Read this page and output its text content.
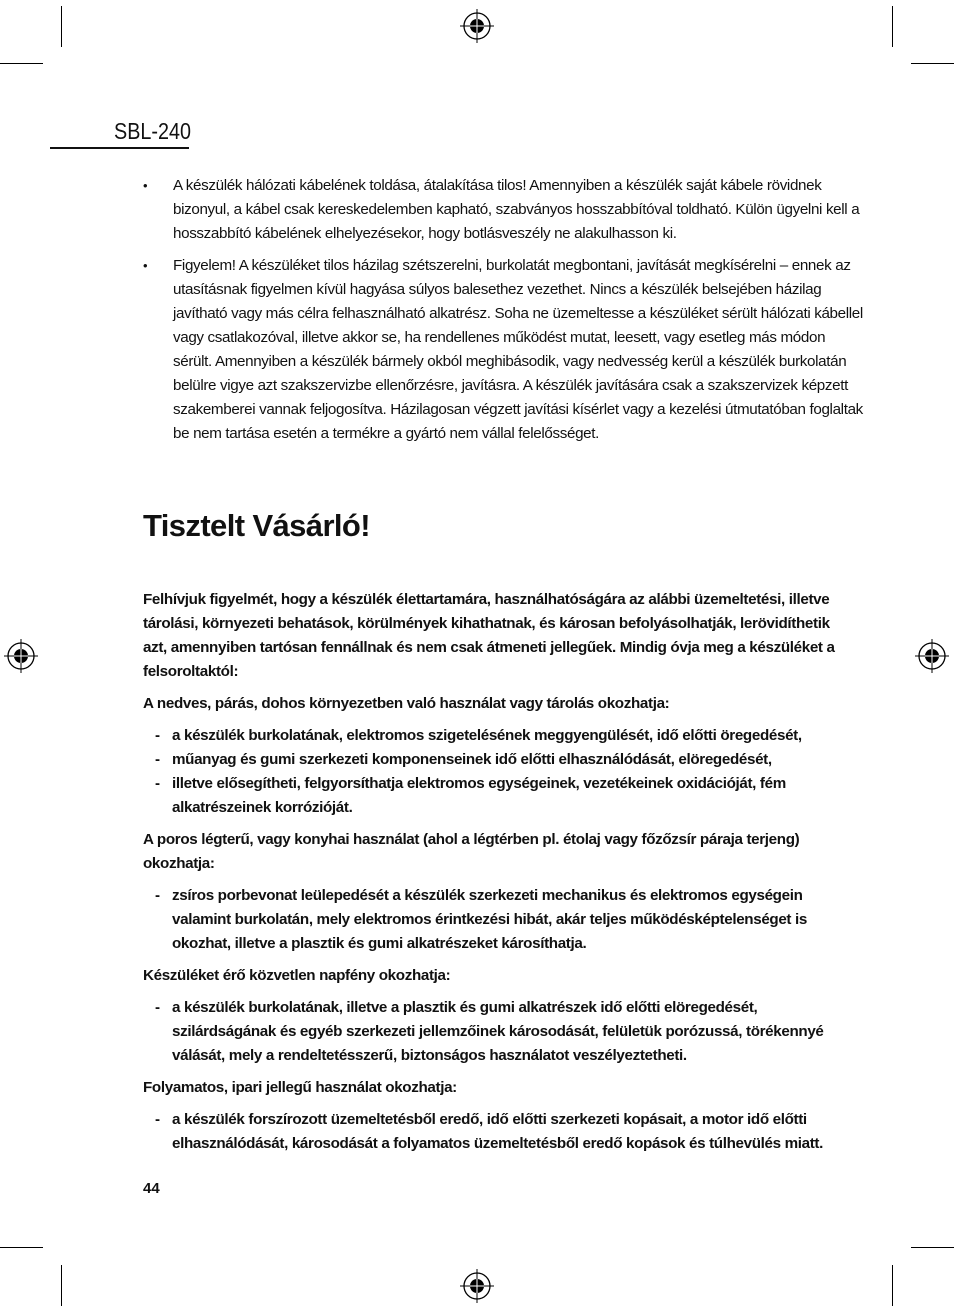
SBL-240
• A készülék hálózati kábelének toldása, átalakítása tilos! Amennyiben a készülék saját kábele rövidnek bizonyul, a kábel csak kereskedelemben kapható, szabványos hosszabbítóval toldható. Külön ügyelni kell a hosszabbító kábelének elhelyezésekor, hogy botlásveszély ne alakulhasson ki.
• Figyelem! A készüléket tilos házilag szétszerelni, burkolatát megbontani, javítását megkísérelni – ennek az utasításnak figyelmen kívül hagyása súlyos balesethez vezethet. Nincs a készülék belsejében házilag javítható vagy más célra felhasználható alkatrész. Soha ne üzemeltesse a készüléket sérült hálózati kábellel vagy csatlakozóval, illetve akkor se, ha rendellenes működést mutat, leesett, vagy esetleg más módon sérült. Amennyiben a készülék bármely okból meghibásodik, vagy nedvesség kerül a készülék burkolatán belülre vigye azt szakszervizbe ellenőrzésre, javításra. A készülék javítására csak a szakszervizek képzett szakemberei vannak feljogosítva. Házilagosan végzett javítási kísérlet vagy a kezelési útmutatóban foglaltak be nem tartása esetén a termékre a gyártó nem vállal felelősséget.
Tisztelt Vásárló!

Felhívjuk figyelmét, hogy a készülék élettartamára, használhatóságára az alábbi üzemeltetési, illetve tárolási, környezeti behatások, körülmények kihathatnak, és károsan befolyásolhatják, lerövidíthetik azt, amennyiben tartósan fennállnak és nem csak átmeneti jellegűek. Mindig óvja meg a készüléket a felsoroltaktól:

A nedves, párás, dohos környezetben való használat vagy tárolás okozhatja:

- a készülék burkolatának, elektromos szigetelésének meggyengülését, idő előtti öregedését,
- műanyag és gumi szerkezeti komponenseinek idő előtti elhasználódását, elöregedését,
- illetve elősegítheti, felgyorsíthatja elektromos egységeinek, vezetékeinek oxidációját, fém alkatrészeinek korrózióját.

A poros légterű, vagy konyhai használat (ahol a légtérben pl. étolaj vagy főzőzsír páraja terjeng) okozhatja:

- zsíros porbevonat leülepedését a készülék szerkezeti mechanikus és elektromos egységein valamint burkolatán, mely elektromos érintkezési hibát, akár teljes működésképtelenséget is okozhat, illetve a plasztik és gumi alkatrészeket károsíthatja.

Készüléket érő közvetlen napfény okozhatja:

- a készülék burkolatának, illetve a plasztik és gumi alkatrészek idő előtti elöregedését, szilárdságának és egyéb szerkezeti jellemzőinek károsodását, felületük porózussá, törékennyé válását, mely a rendeltetésszerű, biztonságos használatot veszélyeztetheti.

Folyamatos, ipari jellegű használat okozhatja:

- a készülék forszírozott üzemeltetésből eredő, idő előtti szerkezeti kopásait, a motor idő előtti elhasználódását, károsodását a folyamatos üzemeltetésből eredő kopások és túlhevülés miatt.
44
